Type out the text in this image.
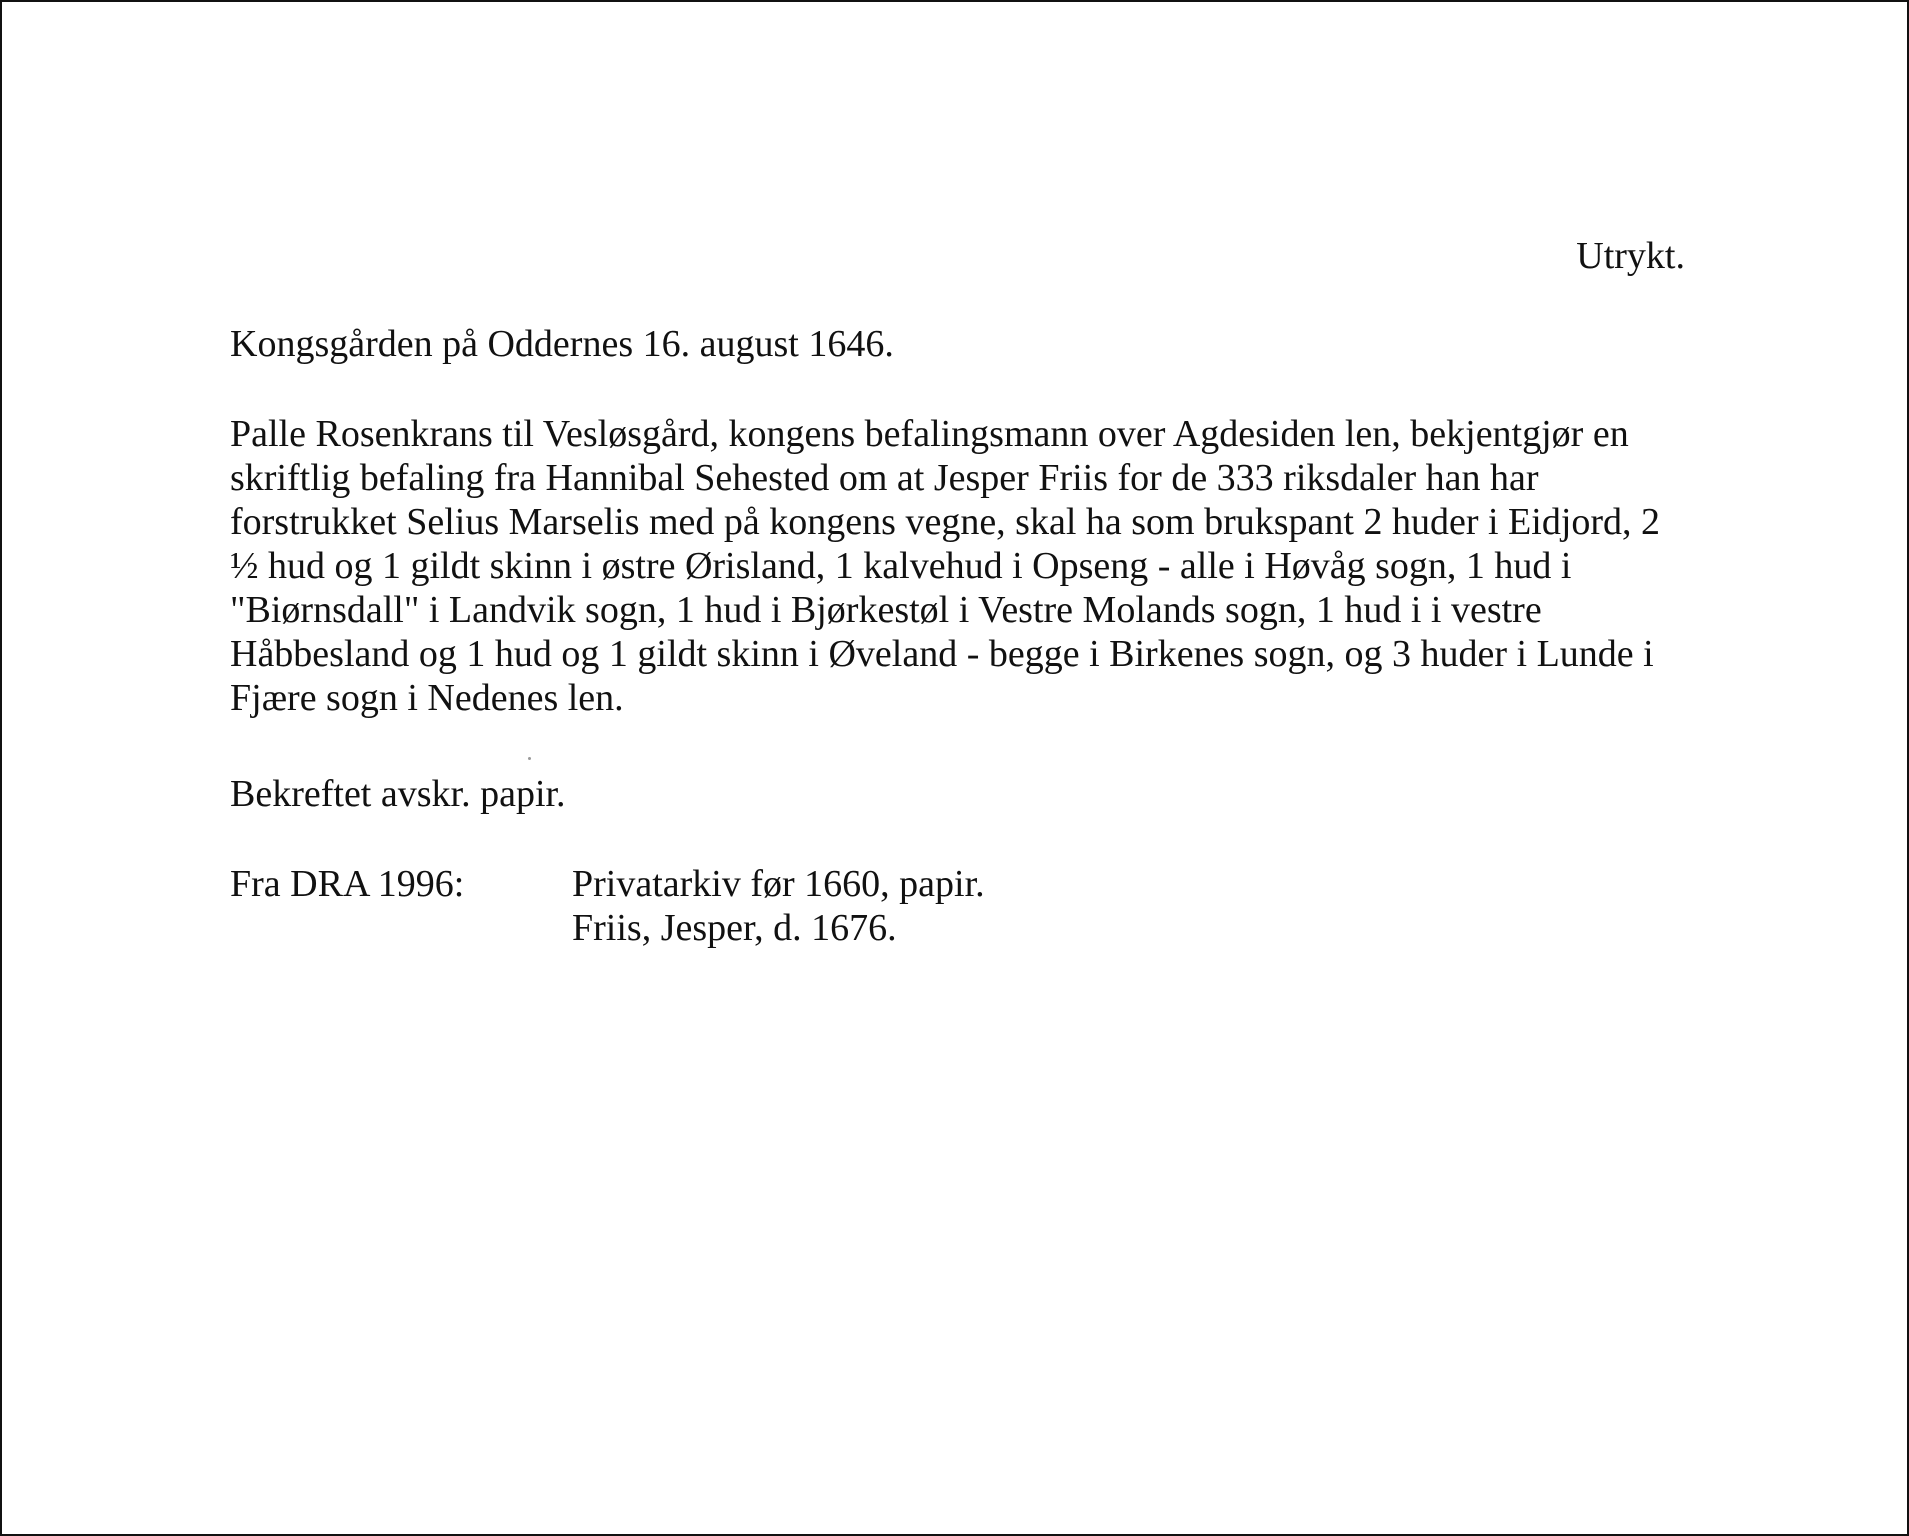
Utrykt.
Kongsgården på Oddernes 16. august 1646.
Palle Rosenkrans til Vesløsgård, kongens befalingsmann over Agdesiden len, bekjentgjør en
skriftlig befaling fra Hannibal Sehested om at Jesper Friis for de 333 riksdaler han har
forstrukket Selius Marselis med på kongens vegne, skal ha som brukspant 2 huder i Eidjord, 2
½ hud og 1 gildt skinn i østre Ørisland, 1 kalvehud i Opseng - alle i Høvåg sogn, 1 hud i
"Biørnsdall" i Landvik sogn, 1 hud i Bjørkestøl i Vestre Molands sogn, 1 hud i i vestre
Håbbesland og 1 hud og 1 gildt skinn i Øveland - begge i Birkenes sogn, og 3 huder i Lunde i
Fjære sogn i Nedenes len.
Bekreftet avskr. papir.
Fra DRA 1996:	Privatarkiv før 1660, papir.
Friis, Jesper, d. 1676.
